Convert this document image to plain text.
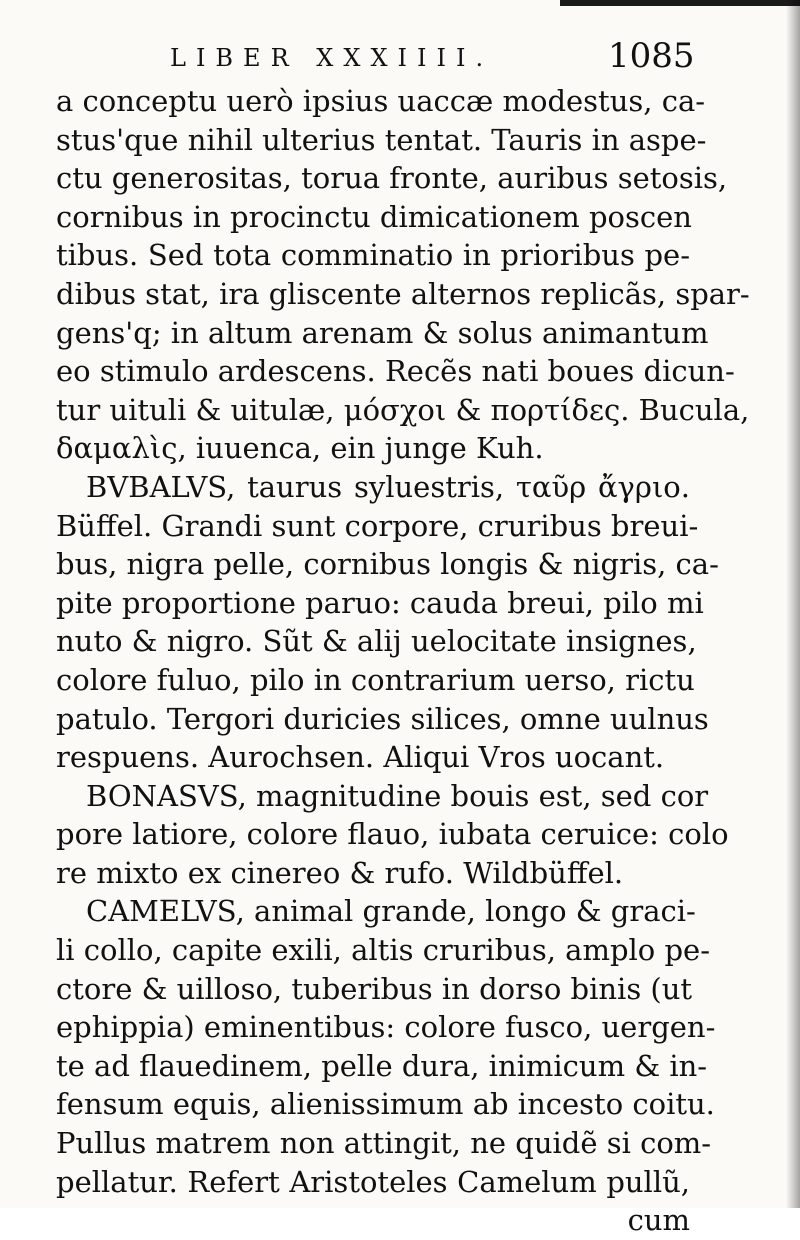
LIBER XXXIIII.	1085
a conceptu uerò ipsius uaccæ modestus, ca-
stus'que nihil ulterius tentat. Tauris in aspe-
ctu generositas, torua fronte, auribus setosis,
cornibus in procinctu dimicationem poscen
tibus. Sed tota comminatio in prioribus pe-
dibus stat, ira gliscente alternos replicãs, spar-
gens'q; in altum arenam & solus animantum
eo stimulo ardescens. Recẽs nati boues dicun-
tur uituli & uitulæ, μόσχοι & πορτίδες. Bucula,
δαμαλὶς, iuuenca, ein junge Kuh.
BVBALVS, taurus syluestris, ταῦρ ἄγριο.
Büffel. Grandi sunt corpore, cruribus breui-
bus, nigra pelle, cornibus longis & nigris, ca-
pite proportione paruo: cauda breui, pilo mi
nuto & nigro. Sũt & alij uelocitate insignes,
colore fuluo, pilo in contrarium uerso, rictu
patulo. Tergori duricies silices, omne uulnus
respuens. Aurochsen. Aliqui Vros uocant.
BONASVS, magnitudine bouis est, sed cor
pore latiore, colore flauo, iubata ceruice: colo
re mixto ex cinereo & rufo. Wildbüffel.
CAMELVS, animal grande, longo & graci-
li collo, capite exili, altis cruribus, amplo pe-
ctore & uilloso, tuberibus in dorso binis (ut
ephippia) eminentibus: colore fusco, uergen-
te ad flauedinem, pelle dura, inimicum & in-
fensum equis, alienissimum ab incesto coitu.
Pullus matrem non attingit, ne quidẽ si com-
pellatur. Refert Aristoteles Camelum pullũ,
cum
